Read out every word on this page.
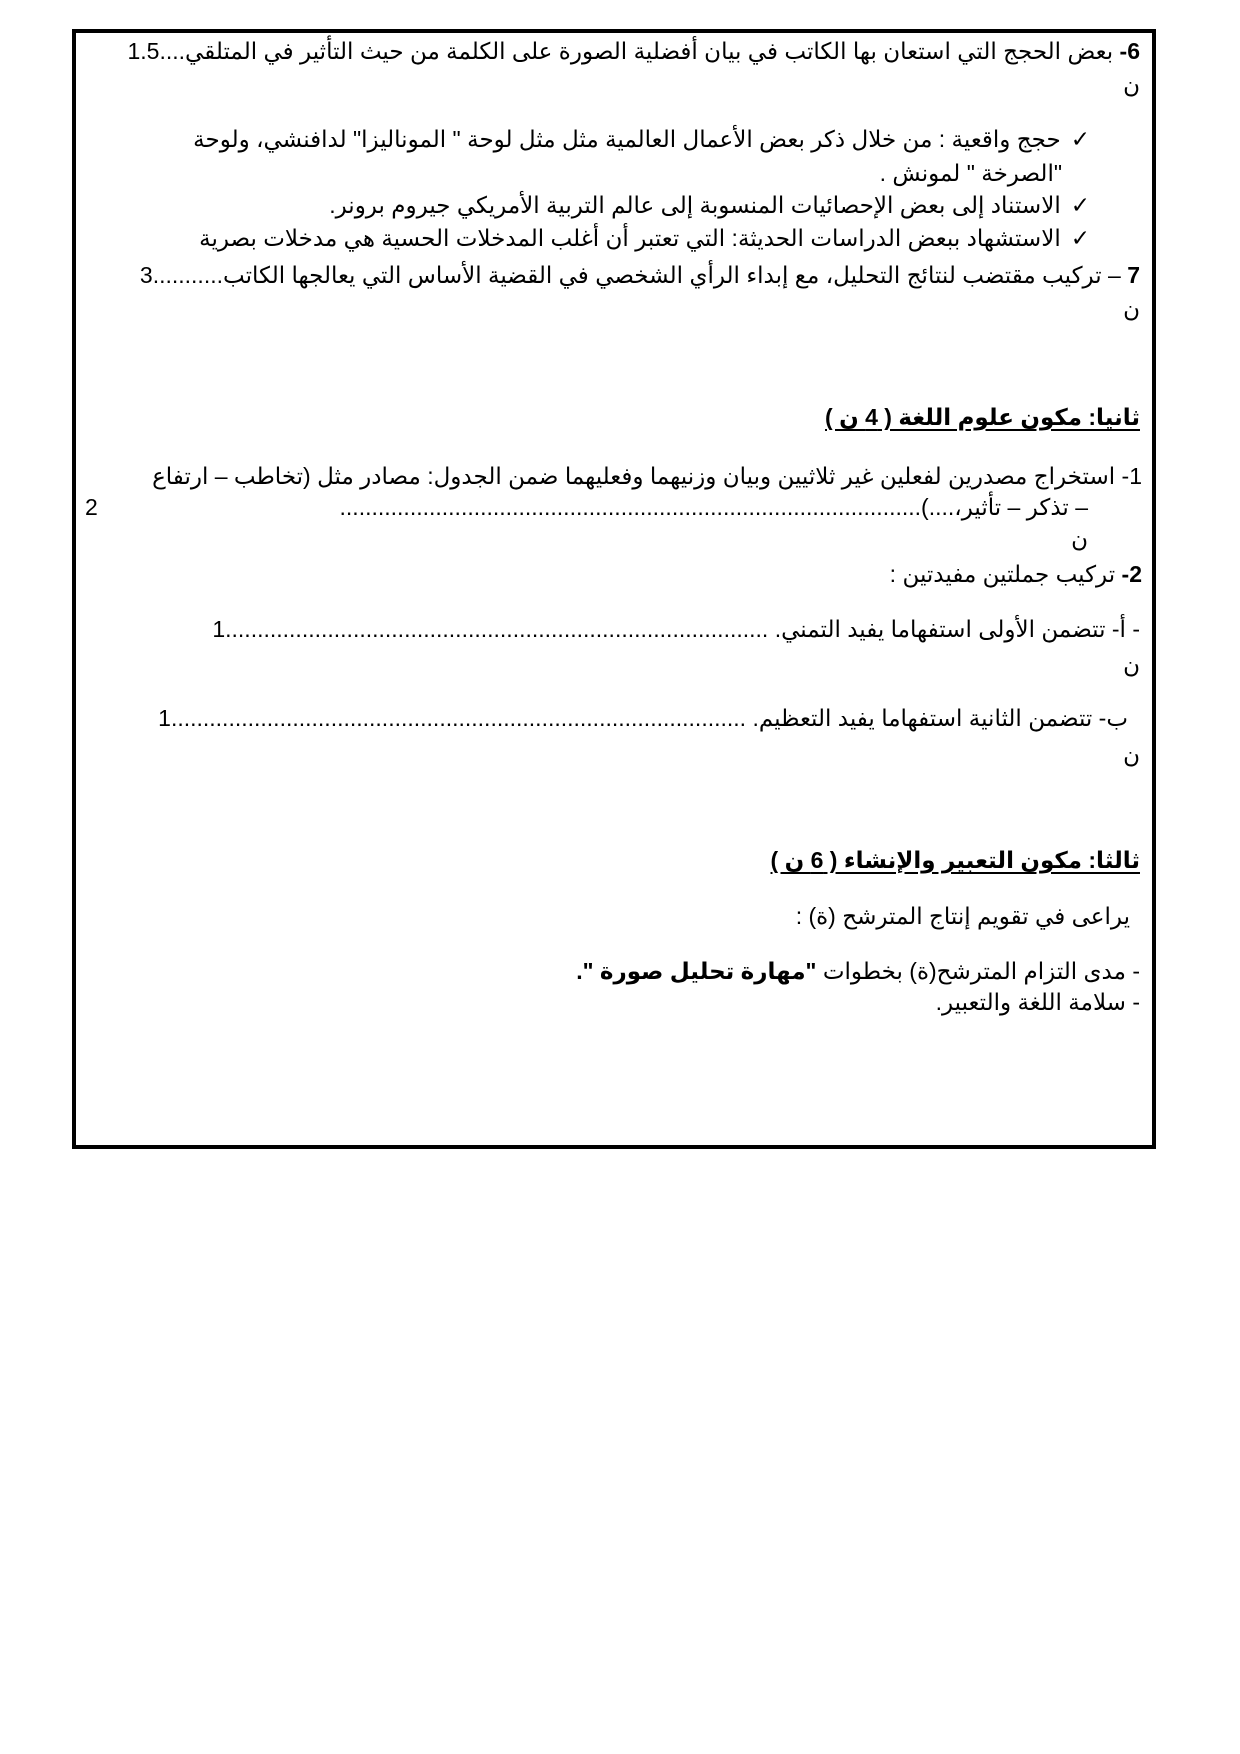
6- بعض الحجج التي استعان بها الكاتب في بيان أفضلية الصورة على الكلمة من حيث التأثير في المتلقي....1.5
ن
✓حجج واقعية : من خلال ذكر بعض الأعمال العالمية مثل مثل لوحة " الموناليزا" لدافنشي، ولوحة
"الصرخة " لمونش .
✓الاستناد إلى بعض الإحصائيات المنسوبة إلى عالم التربية الأمريكي جيروم برونر.
✓الاستشهاد ببعض الدراسات الحديثة: التي تعتبر أن أغلب المدخلات الحسية هي مدخلات بصرية
7 – تركيب مقتضب لنتائج التحليل، مع إبداء الرأي الشخصي في القضية الأساس التي يعالجها الكاتب...........3
ن
ثانيا: مكون علوم اللغة ( 4 ن )
1- استخراج مصدرين لفعلين غير ثلاثيين وبيان وزنيهما وفعليهما ضمن الجدول: مصادر مثل (تخاطب – ارتفاع
– تذكر – تأثير،....)...........................................................................................
2
ن
2- تركيب جملتين مفيدتين :
- أ- تتضمن الأولى استفهاما يفيد التمني. .....................................................................................1
ن
ب- تتضمن الثانية استفهاما يفيد التعظيم. ..........................................................................................1
ن
ثالثا: مكون التعبير والإنشاء ( 6 ن )
يراعى في تقويم إنتاج المترشح (ة) :
- مدى التزام المترشح(ة) بخطوات "مهارة تحليل صورة ".
- سلامة اللغة والتعبير.
